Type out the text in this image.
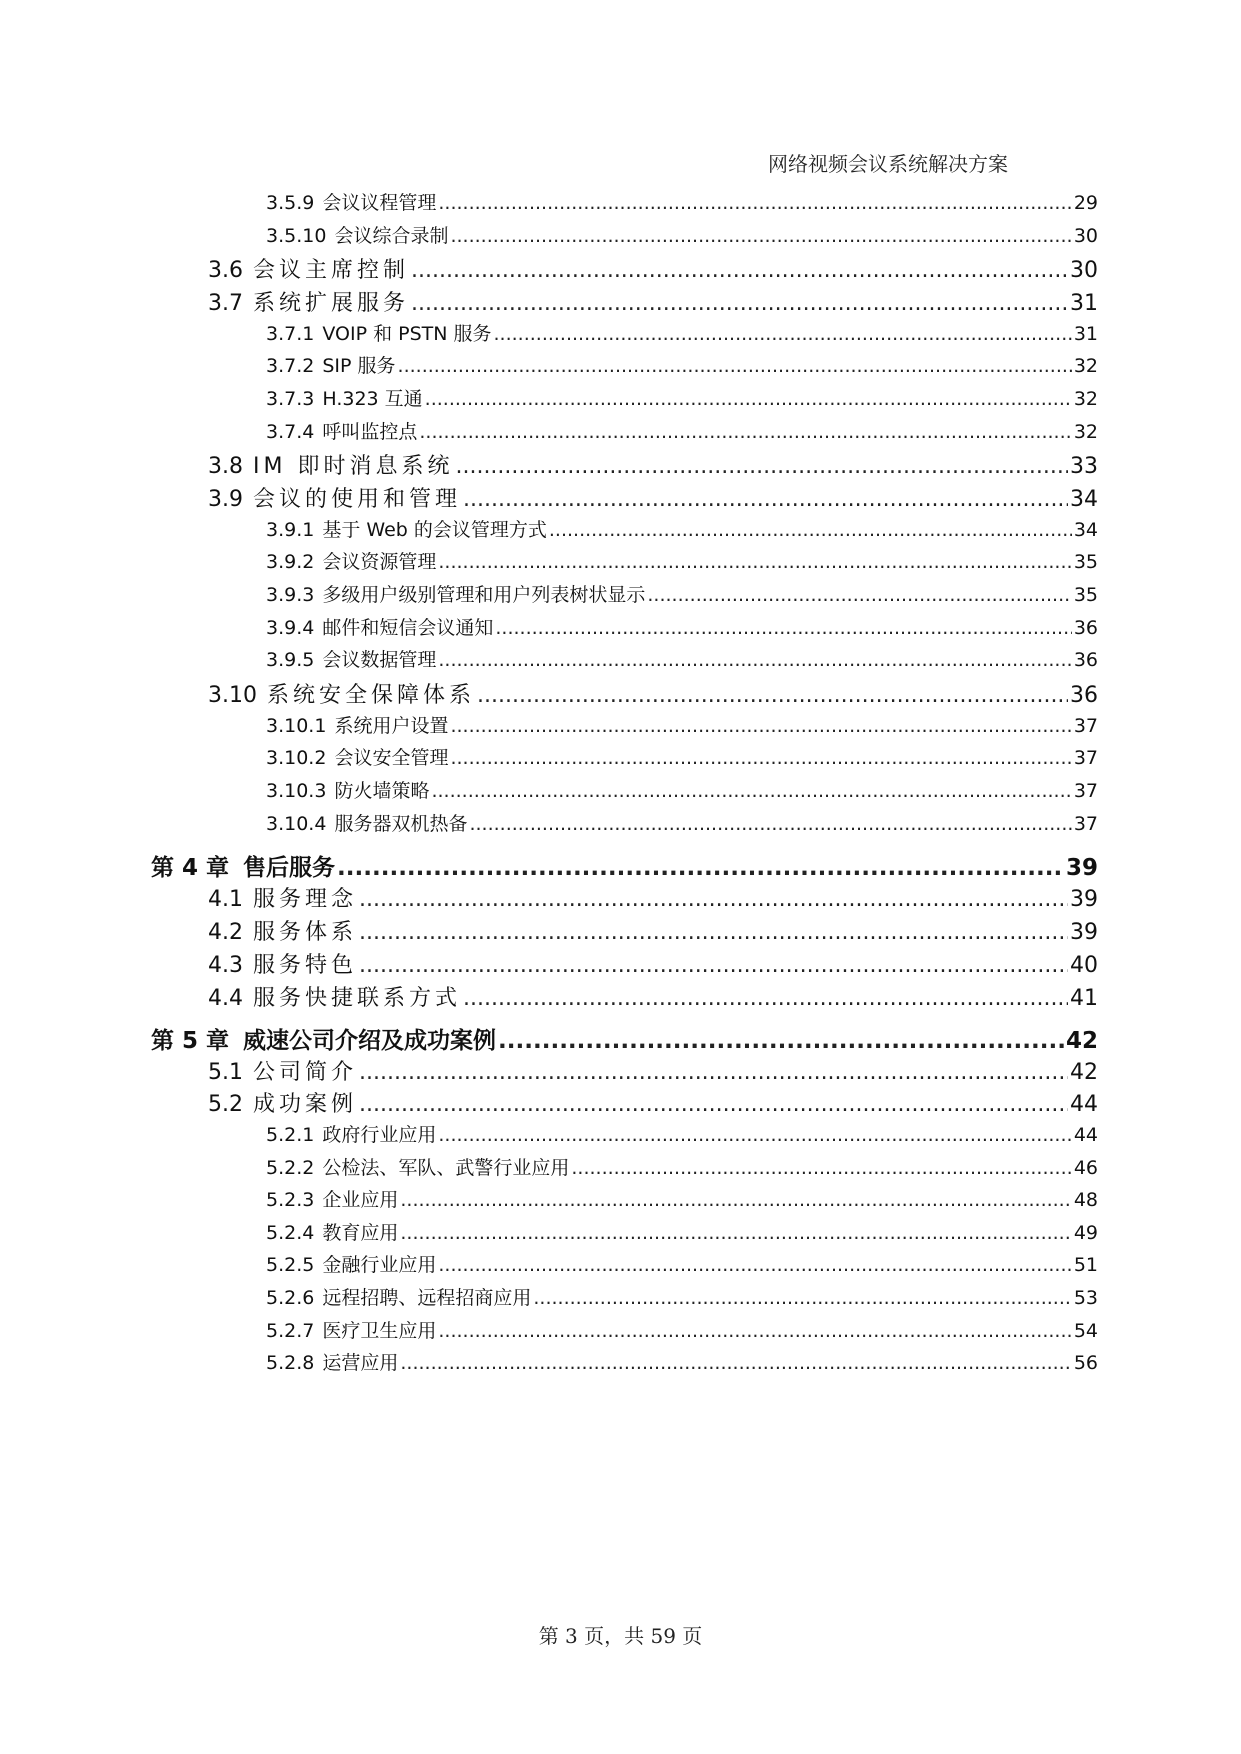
网络视频会议系统解决方案
3.5.9 会议议程管理 .....	29
3.5.10 会议综合录制 .....	30
3.6 会议主席控制 .....	30
3.7 系统扩展服务 .....	31
3.7.1 VOIP 和 PSTN 服务 .....	31
3.7.2 SIP 服务 .....	32
3.7.3 H.323 互通 .....	32
3.7.4 呼叫监控点 .....	32
3.8 IM 即时消息系统 .....	33
3.9 会议的使用和管理 .....	34
3.9.1 基于 Web 的会议管理方式 .....	34
3.9.2 会议资源管理 .....	35
3.9.3 多级用户级别管理和用户列表树状显示 .....	35
3.9.4 邮件和短信会议通知 .....	36
3.9.5 会议数据管理 .....	36
3.10 系统安全保障体系 .....	36
3.10.1 系统用户设置 .....	37
3.10.2 会议安全管理 .....	37
3.10.3 防火墙策略 .....	37
3.10.4 服务器双机热备 .....	37
第 4 章 售后服务 .....	39
4.1 服务理念 .....	39
4.2 服务体系 .....	39
4.3 服务特色 .....	40
4.4 服务快捷联系方式 .....	41
第 5 章 威速公司介绍及成功案例 .....	42
5.1 公司简介 .....	42
5.2 成功案例 .....	44
5.2.1 政府行业应用 .....	44
5.2.2 公检法、军队、武警行业应用 .....	46
5.2.3 企业应用 .....	48
5.2.4 教育应用 .....	49
5.2.5 金融行业应用 .....	51
5.2.6 远程招聘、远程招商应用 .....	53
5.2.7 医疗卫生应用 .....	54
5.2.8 运营应用 .....	56
第 3 页，共 59 页
